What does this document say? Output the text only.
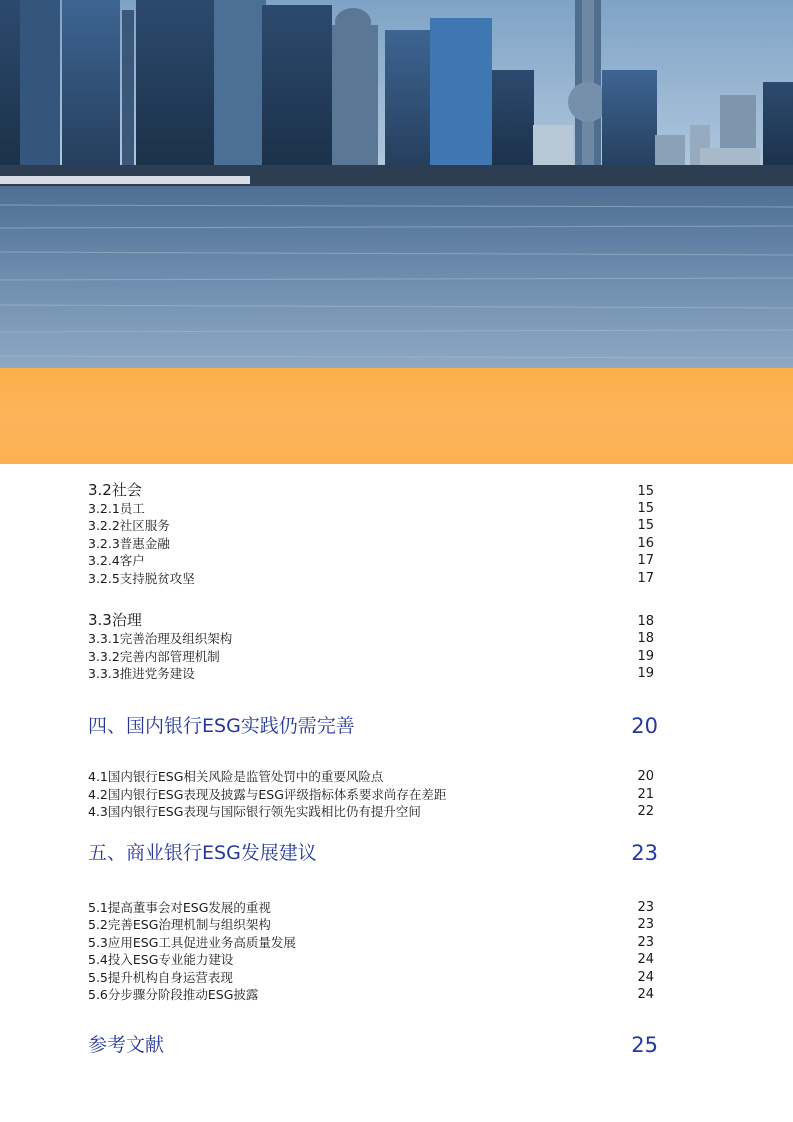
3.2社会	15
3.2.1员工	15
3.2.2社区服务	15
3.2.3普惠金融	16
3.2.4客户	17
3.2.5支持脱贫攻坚	17
3.3治理	18
3.3.1完善治理及组织架构	18
3.3.2完善内部管理机制	19
3.3.3推进党务建设	19
四、国内银行ESG实践仍需完善	20
4.1国内银行ESG相关风险是监管处罚中的重要风险点	20
4.2国内银行ESG表现及披露与ESG评级指标体系要求尚存在差距	21
4.3国内银行ESG表现与国际银行领先实践相比仍有提升空间	22
五、商业银行ESG发展建议	23
5.1提高董事会对ESG发展的重视	23
5.2完善ESG治理机制与组织架构	23
5.3应用ESG工具促进业务高质量发展	23
5.4投入ESG专业能力建设	24
5.5提升机构自身运营表现	24
5.6分步骤分阶段推动ESG披露	24
参考文献	25
